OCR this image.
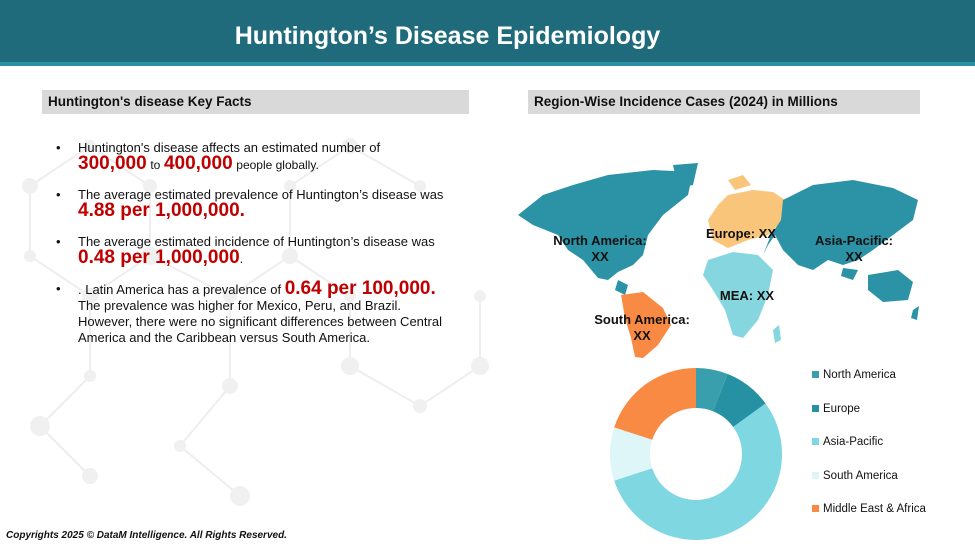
Huntington’s Disease Epidemiology
Huntington's disease Key Facts
• Huntington's disease affects an estimated number of
300,000 to 400,000 people globally.
• The average estimated prevalence of Huntington’s disease was 4.88 per 1,000,000.
• The average estimated incidence of Huntington’s disease was 0.48 per 1,000,000.
• . Latin America has a prevalence of 0.64 per 100,000. The prevalence was higher for Mexico, Peru, and Brazil. However, there were no significant differences between Central America and the Caribbean versus South America.
Region-Wise Incidence Cases (2024) in Millions
North America: XX
Europe: XX	Asia-Pacific: XX
MEA: XX
South America: XX
North America
Europe
Asia-Pacific
South America
Middle East & Africa
Copyrights 2025 © DataM Intelligence. All Rights Reserved.
